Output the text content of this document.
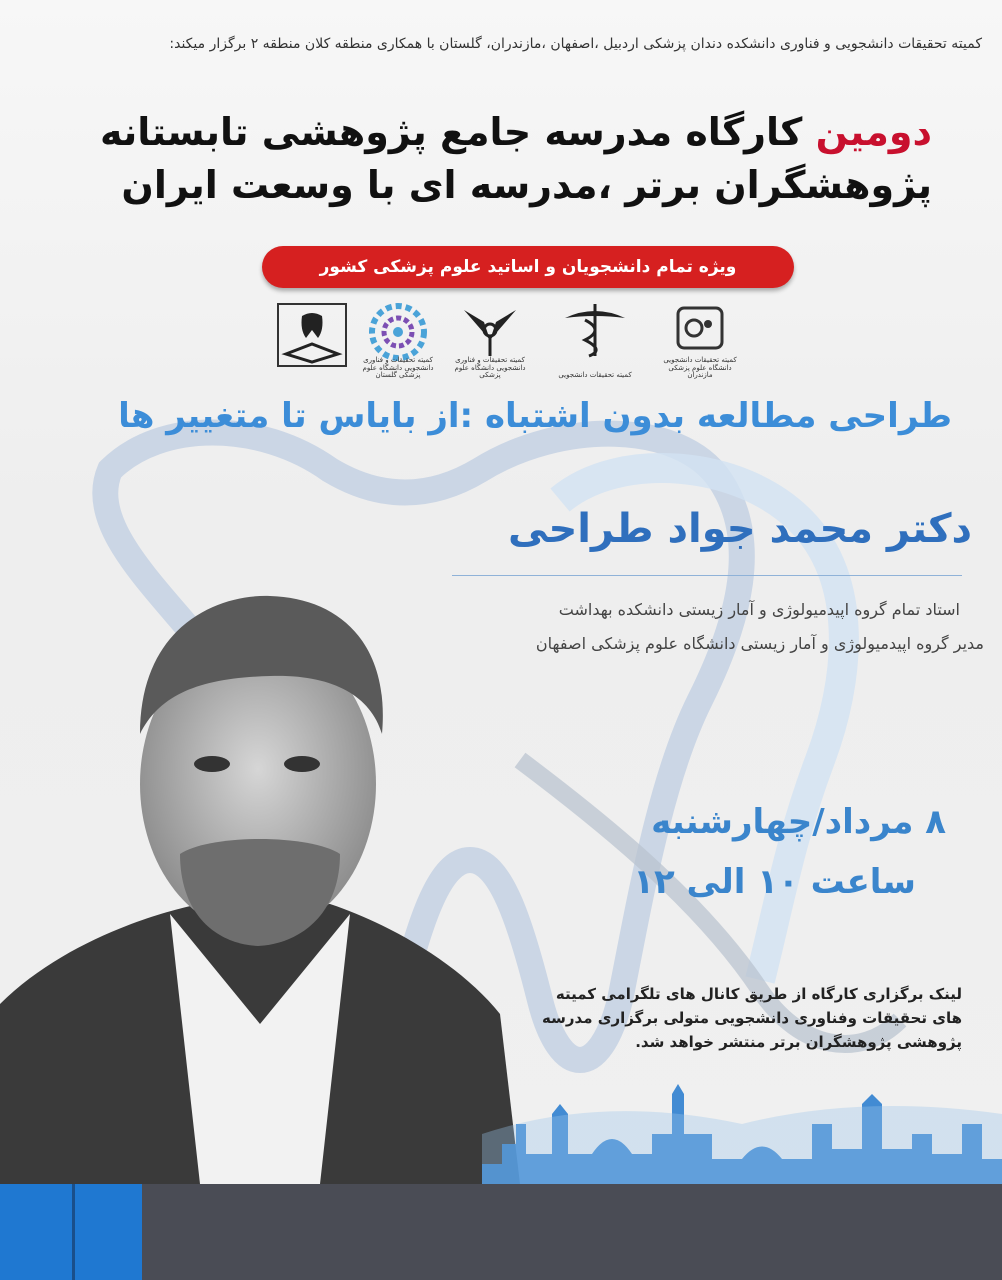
کمیته تحقیقات دانشجویی و فناوری دانشکده دندان پزشکی اردبیل ،اصفهان ،مازندران، گلستان با همکاری منطقه کلان منطقه ۲ برگزار میکند:
دومین کارگاه مدرسه جامع پژوهشی تابستانه
پژوهشگران برتر ،مدرسه ای با وسعت ایران
ویژه تمام دانشجویان و اساتید علوم پزشکی کشور
کمیته تحقیقات دانشجویی دانشگاه علوم پزشکی مازندران
کمیته تحقیقات دانشجویی
کمیته تحقیقات و فناوری دانشجویی دانشگاه علوم پزشکی
کمیته تحقیقات و فناوری دانشجویی دانشگاه علوم پزشکی گلستان
طراحی مطالعه بدون اشتباه :از بایاس تا متغییر ها
دکتر محمد جواد طراحی
استاد تمام گروه اپیدمیولوژی و آمار زیستی دانشکده بهداشت
مدیر گروه اپیدمیولوژی و آمار زیستی دانشگاه علوم پزشکی اصفهان
۸ مرداد/چهارشنبه
ساعت ۱۰ الی ۱۲
لینک برگزاری کارگاه از طریق کانال های تلگرامی کمیته های تحقیقات وفناوری دانشجویی متولی برگزاری مدرسه پژوهشی پژوهشگران برتر منتشر خواهد شد.
